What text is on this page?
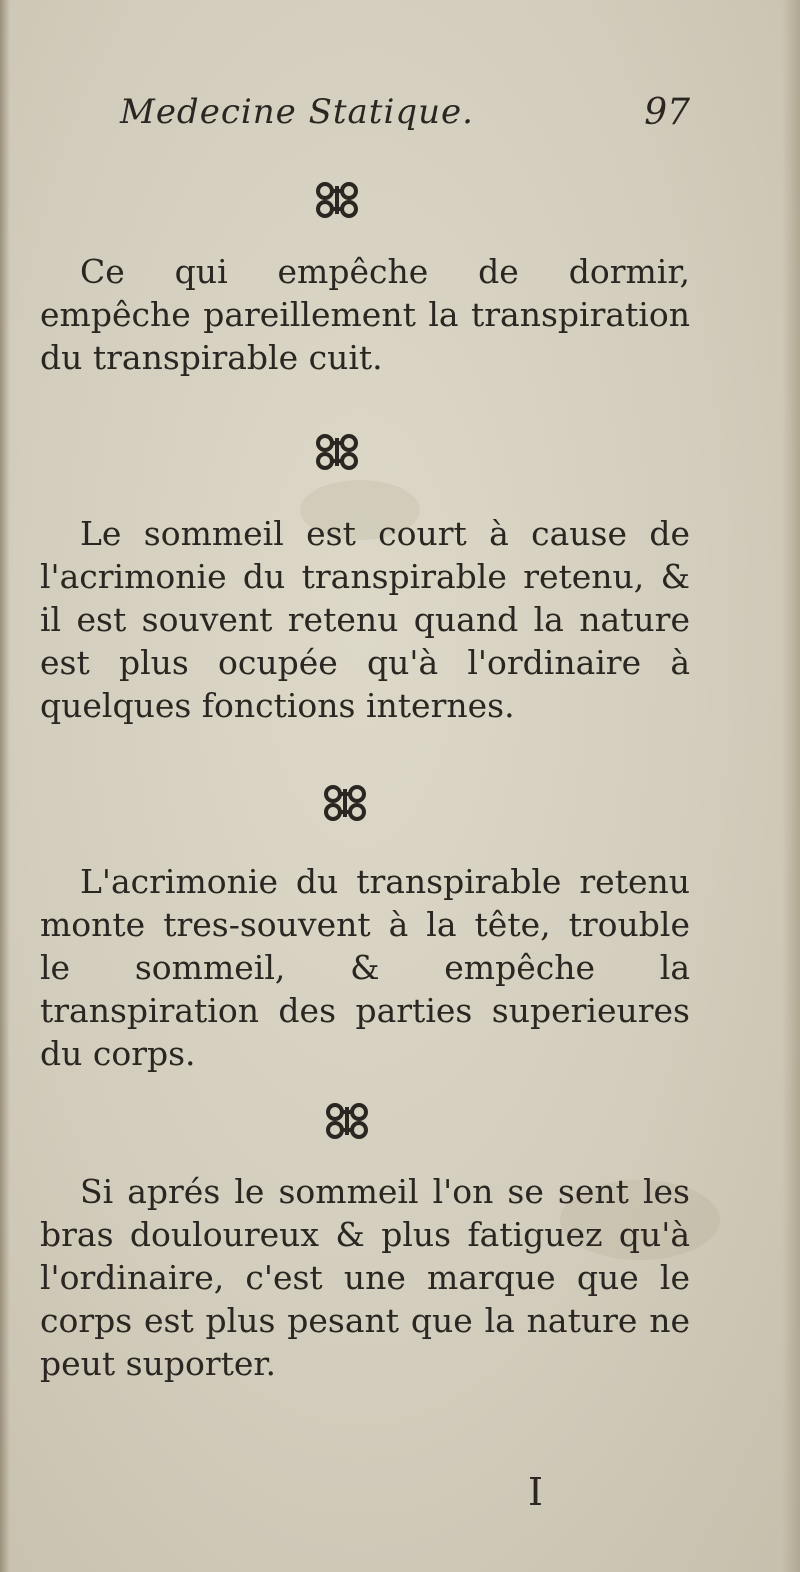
Medecine Statique.	97

Ce qui empêche de dormir, empêche pareillement la transpiration du transpirable cuit.

Le sommeil est court à cause de l'acrimonie du transpirable retenu, & il est souvent retenu quand la nature est plus ocupée qu'à l'ordinaire à quelques fonctions internes.

L'acrimonie du transpirable retenu monte tres-souvent à la tête, trouble le sommeil, & empêche la transpiration des parties superieures du corps.

Si aprés le sommeil l'on se sent les bras douloureux & plus fatiguez qu'à l'ordinaire, c'est une marque que le corps est plus pesant que la nature ne peut suporter.

I
